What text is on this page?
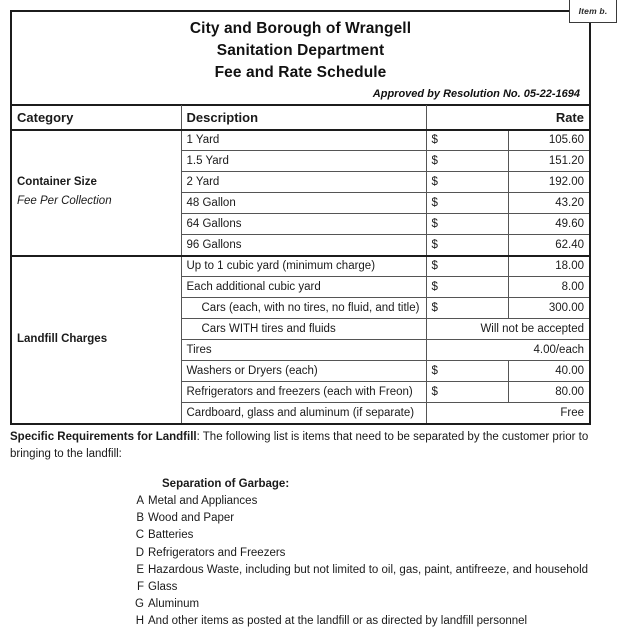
Item b.
City and Borough of Wrangell
Sanitation Department
Fee and Rate Schedule
Approved by Resolution No. 05-22-1694
Category	Description	Rate	

Container Size
Fee Per Collection	1 Yard	$	105.60
	1.5 Yard	$	151.20
	2 Yard	$	192.00
	48 Gallon	$	43.20
	64 Gallons	$	49.60
	96 Gallons	$	62.40

Landfill Charges	Up to 1 cubic yard (minimum charge)	$	18.00
	Each additional cubic yard	$	8.00
	Cars (each, with no tires, no fluid, and title)	$	300.00
	Cars WITH tires and fluids	Will not be accepted	
	Tires	4.00/each	
	Washers or Dryers (each)	$	40.00
	Refrigerators and freezers (each with Freon)	$	80.00
	Cardboard, glass and aluminum (if separate)	Free	
Specific Requirements for Landfill: The following list is items that need to be separated by the customer prior to bringing to the landfill:
Separation of Garbage:
A Metal and Appliances
B Wood and Paper
C Batteries
D Refrigerators and Freezers
E Hazardous Waste, including but not limited to oil, gas, paint, antifreeze, and household
F Glass
G Aluminum
H And other items as posted at the landfill or as directed by landfill personnel
